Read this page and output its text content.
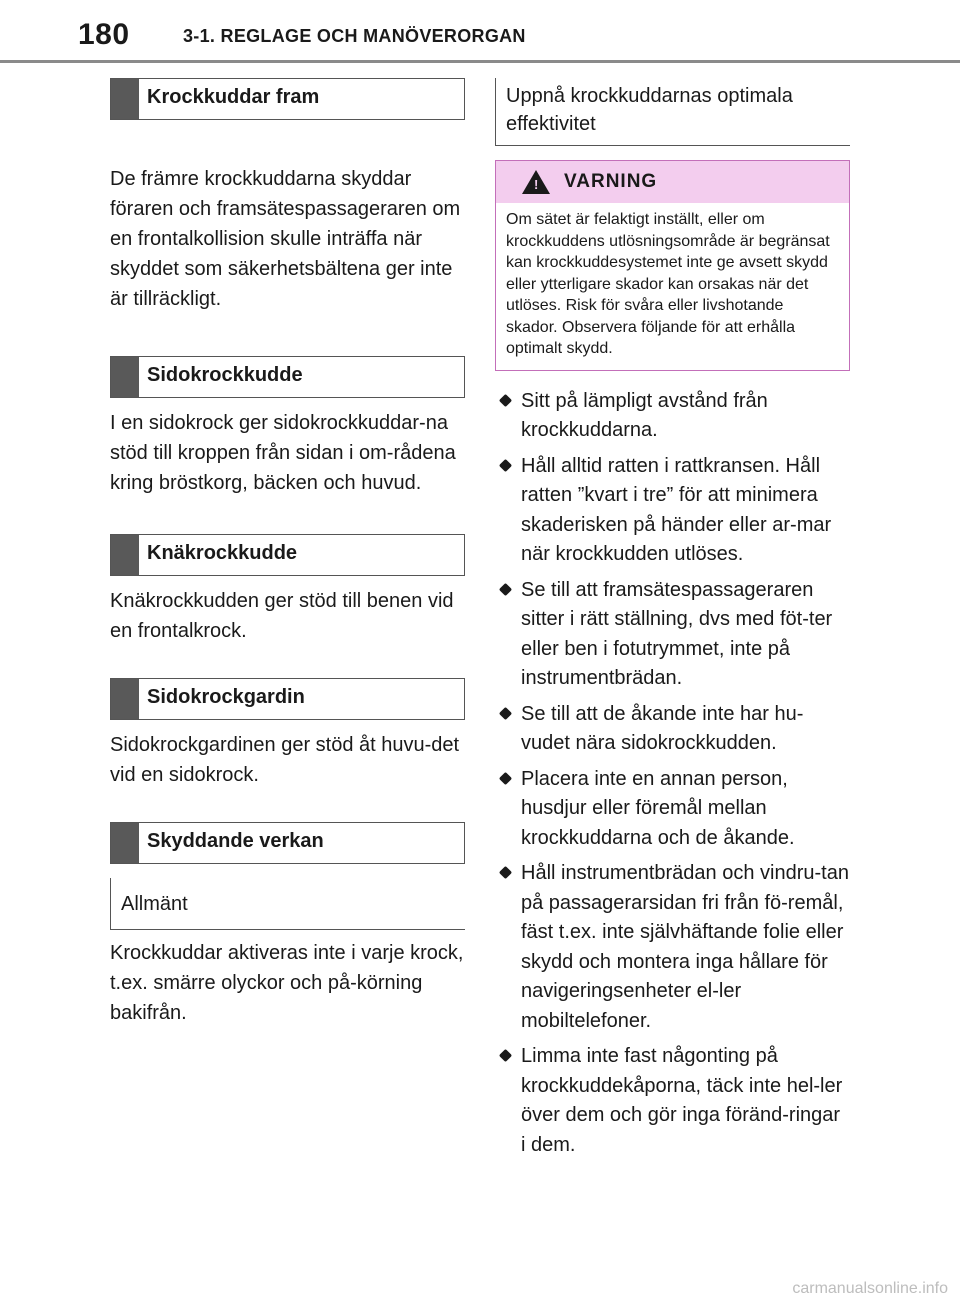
180	3-1. REGLAGE OCH MANÖVERORGAN
Krockkuddar fram

De främre krockkuddarna skyddar föraren och framsätespassageraren om en frontalkollision skulle inträffa när skyddet som säkerhetsbältena ger inte är tillräckligt.

Sidokrockkudde

I en sidokrock ger sidokrockkuddar-na stöd till kroppen från sidan i om-rådena kring bröstkorg, bäcken och huvud.

Knäkrockkudde

Knäkrockkudden ger stöd till benen vid en frontalkrock.

Sidokrockgardin

Sidokrockgardinen ger stöd åt huvu-det vid en sidokrock.

Skyddande verkan
Allmänt

Krockkuddar aktiveras inte i varje krock, t.ex. smärre olyckor och på-körning bakifrån.

Uppnå krockkuddarnas optimala effektivitet
! VARNING
Om sätet är felaktigt inställt, eller om krockkuddens utlösningsområde är begränsat kan krockkuddesystemet inte ge avsett skydd eller ytterligare skador kan orsakas när det utlöses. Risk för svåra eller livshotande skador. Observera följande för att erhålla optimalt skydd.
Sitt på lämpligt avstånd från krockkuddarna.
Håll alltid ratten i rattkransen. Håll ratten ”kvart i tre” för att minimera skaderisken på händer eller ar-mar när krockkudden utlöses.
Se till att framsätespassageraren sitter i rätt ställning, dvs med föt-ter eller ben i fotutrymmet, inte på instrumentbrädan.
Se till att de åkande inte har hu-vudet nära sidokrockkudden.
Placera inte en annan person, husdjur eller föremål mellan krockkuddarna och de åkande.
Håll instrumentbrädan och vindru-tan på passagerarsidan fri från fö-remål, fäst t.ex. inte självhäftande folie eller skydd och montera inga hållare för navigeringsenheter el-ler mobiltelefoner.
Limma inte fast någonting på krockkuddekåporna, täck inte hel-ler över dem och gör inga föränd-ringar i dem.
carmanualsonline.info
